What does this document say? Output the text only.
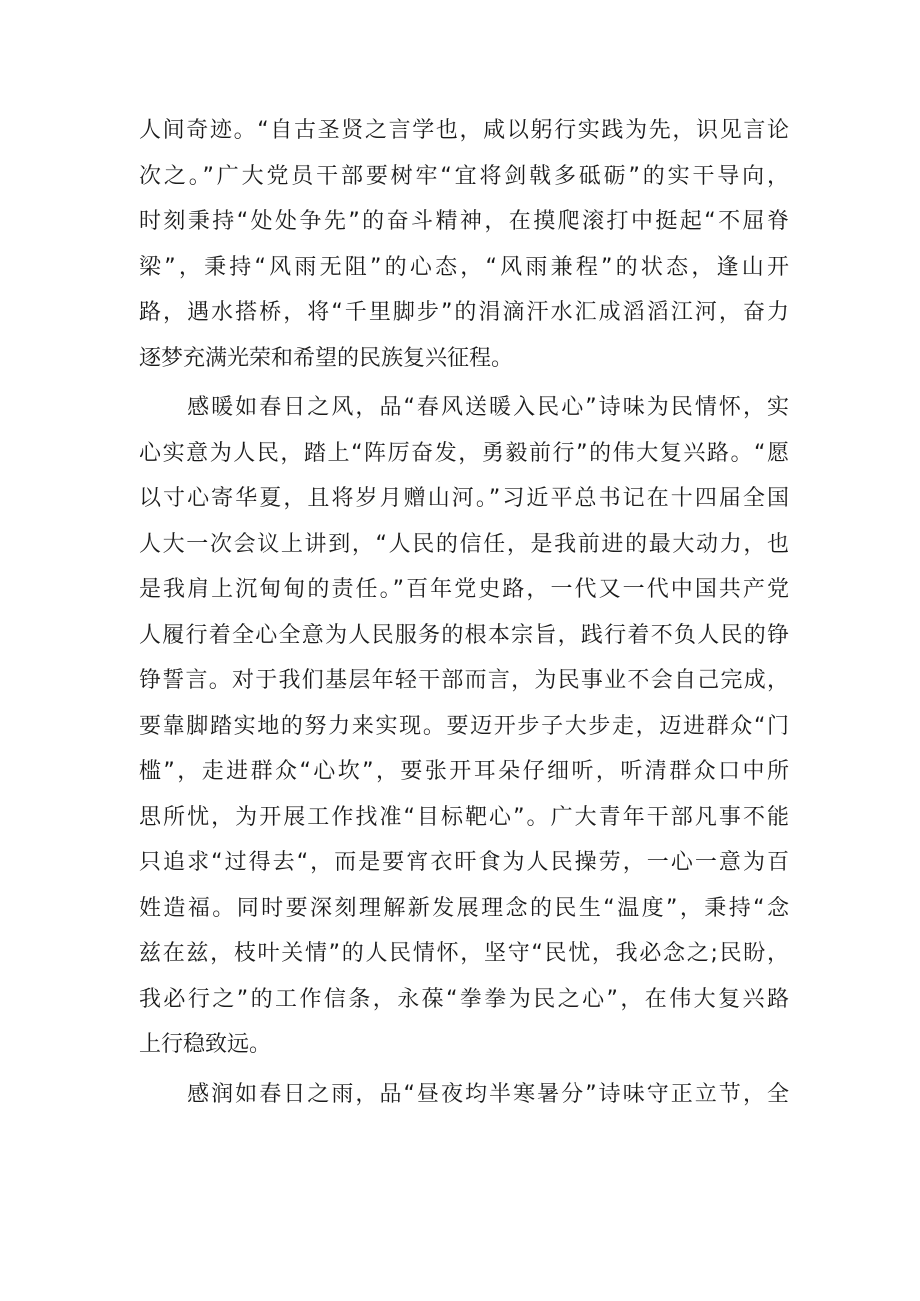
人间奇迹。“自古圣贤之言学也，咸以躬行实践为先，识见言论
次之。”广大党员干部要树牢“宜将剑戟多砥砺”的实干导向，
时刻秉持“处处争先”的奋斗精神，在摸爬滚打中挺起“不屈脊
梁”，秉持“风雨无阻”的心态，“风雨兼程”的状态，逢山开
路，遇水搭桥，将“千里脚步”的涓滴汗水汇成滔滔江河，奋力
逐梦充满光荣和希望的民族复兴征程。
　　感暖如春日之风，品“春风送暖入民心”诗味为民情怀，实
心实意为人民，踏上“阵厉奋发，勇毅前行”的伟大复兴路。“愿
以寸心寄华夏，且将岁月赠山河。”习近平总书记在十四届全国
人大一次会议上讲到，“人民的信任，是我前进的最大动力，也
是我肩上沉甸甸的责任。”百年党史路，一代又一代中国共产党
人履行着全心全意为人民服务的根本宗旨，践行着不负人民的铮
铮誓言。对于我们基层年轻干部而言，为民事业不会自己完成，
要靠脚踏实地的努力来实现。要迈开步子大步走，迈进群众“门
槛”，走进群众“心坎”，要张开耳朵仔细听，听清群众口中所
思所忧，为开展工作找准“目标靶心”。广大青年干部凡事不能
只追求“过得去“，而是要宵衣旰食为人民操劳，一心一意为百
姓造福。同时要深刻理解新发展理念的民生“温度”，秉持“念
兹在兹，枝叶关情”的人民情怀，坚守“民忧，我必念之;民盼，
我必行之”的工作信条，永葆“拳拳为民之心”，在伟大复兴路
上行稳致远。
　　感润如春日之雨，品“昼夜均半寒暑分”诗味守正立节，全
